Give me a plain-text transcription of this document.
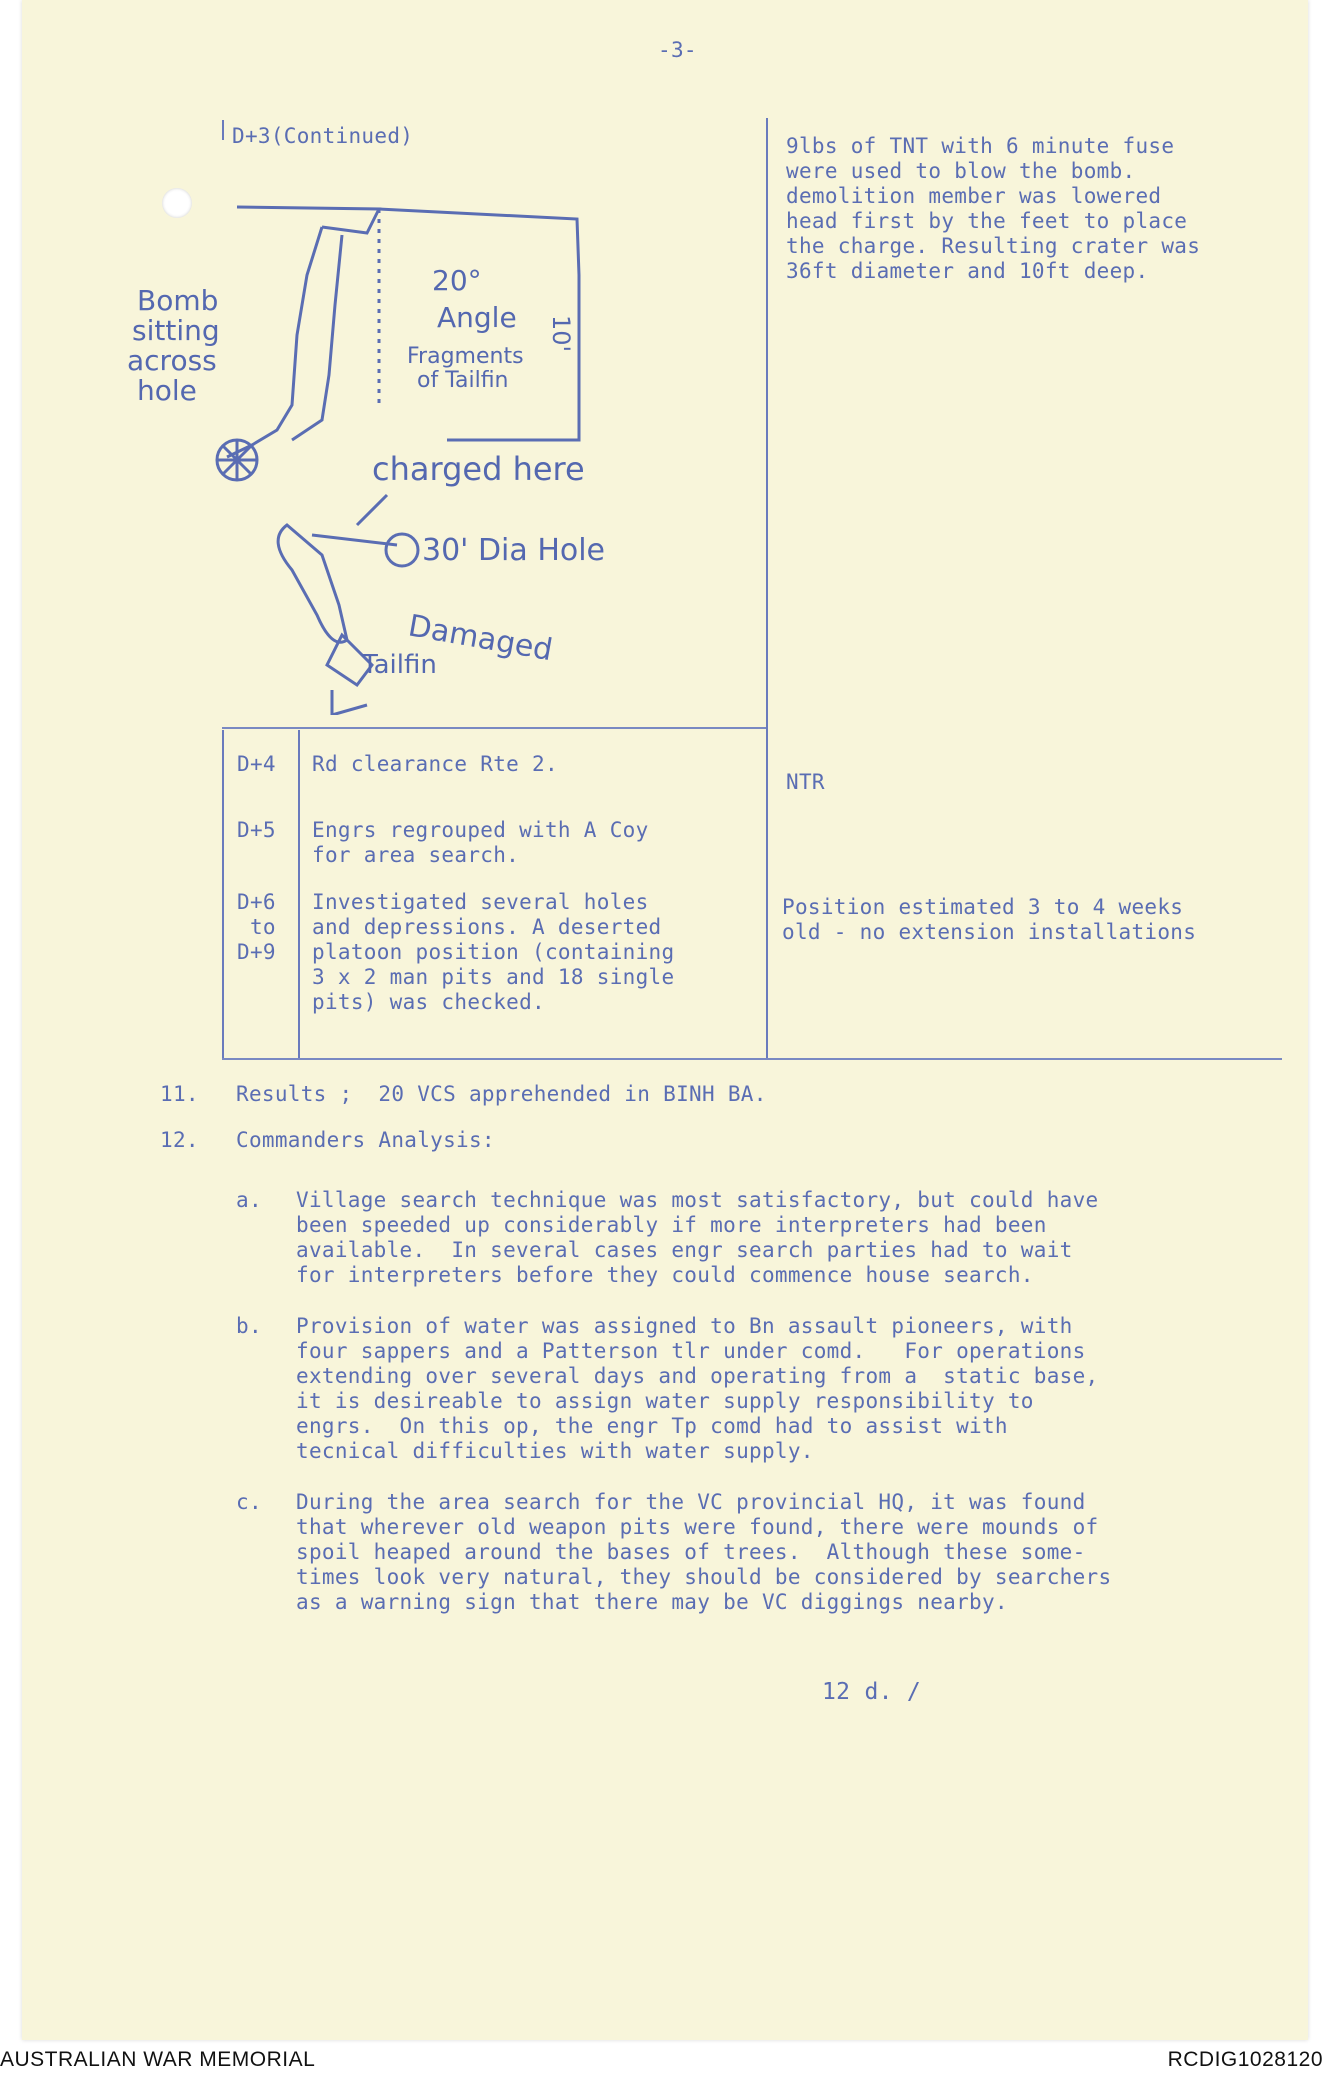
-3-
D+3(Continued)
Bomb
sitting
across
hole
20°
Angle 10'
Fragments
of Tailfin
charged here
30' Dia Hole
Damaged
Tailfin
9lbs of TNT with 6 minute fuse
were used to blow the bomb.
demolition member was lowered
head first by the feet to place
the charge. Resulting crater was
36ft diameter and 10ft deep.
D+4 Rd clearance Rte 2.
NTR
D+5 Engrs regrouped with A Coy
for area search.
D+6
to
D+9
Investigated several holes
and depressions. A deserted
platoon position (containing
3 x 2 man pits and 18 single
pits) was checked.
Position estimated 3 to 4 weeks
old - no extension installations
11. Results ;  20 VCS apprehended in BINH BA.
12. Commanders Analysis:
a. Village search technique was most satisfactory, but could have
been speeded up considerably if more interpreters had been
available.  In several cases engr search parties had to wait
for interpreters before they could commence house search.
b. Provision of water was assigned to Bn assault pioneers, with
four sappers and a Patterson tlr under comd.   For operations
extending over several days and operating from a  static base,
it is desireable to assign water supply responsibility to
engrs.  On this op, the engr Tp comd had to assist with
tecnical difficulties with water supply.
c. During the area search for the VC provincial HQ, it was found
that wherever old weapon pits were found, there were mounds of
spoil heaped around the bases of trees.  Although these some-
times look very natural, they should be considered by searchers
as a warning sign that there may be VC diggings nearby.
12 d. /
AUSTRALIAN WAR MEMORIAL	RCDIG1028120
